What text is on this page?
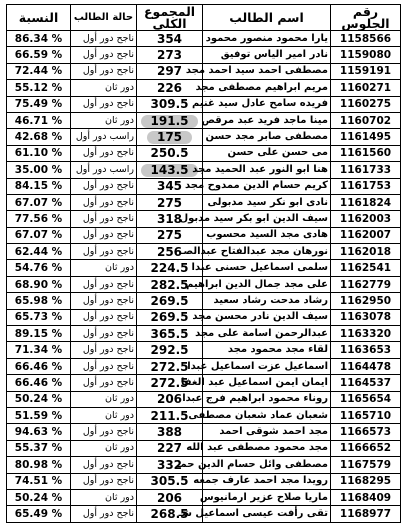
النسبة	حالة الطالب	المجموع الكلى	اسم الطالب	رقم الجلوس
86.34 %	ناجح دور أول	354	يارا محمود منصور محمود	1158566
66.59 %	ناجح دور أول	273	نادر امير الياس توفيق	1159080
72.44 %	ناجح دور أول	297	مصطفى احمد سيد احمد مجد	1159191
55.12 %	دور ثان	226	مريم ابراهيم مصطفى مجد	1160271
75.49 %	ناجح دور أول	309.5	فريده سامح عادل سيد غنيم	1160275
46.71 %	دور ثان	191.5	مينا ماجد فريد عبد مرقص	1160702
42.68 %	راسب دور أول	175	مصطفى صابر مجد حسن	1161495
61.10 %	ناجح دور أول	250.5	مى حسن على حسن	1161560
35.00 %	راسب دور أول	143.5	هنا ابو النور عبد الحميد مجد	1161733
84.15 %	ناجح دور أول	345	كريم حسام الدين ممدوح مجد	1161753
67.07 %	ناجح دور أول	275	نادى ابو نكر سيد مدبولى	1161824
77.56 %	ناجح دور أول	318	سيف الدين ابو بكر سيد مدبول	1162003
67.07 %	ناجح دور أول	275	هادى مجد السيد محسوب	1162007
62.44 %	ناجح دور أول	256	نورهان مجد عبدالفتاح عبدالصـ	1162018
54.76 %	دور ثان	224.5	سلمى اسماعيل حسنى عبدا	1162541
68.90 %	ناجح دور أول	282.5	على مجد جمال الدين ابراهيم	1162779
65.98 %	ناجح دور أول	269.5	رشاد مدحت رشاد سعيد	1162950
65.73 %	ناجح دور أول	269.5	سيف الدين نادر محسن مجد	1163078
89.15 %	ناجح دور أول	365.5	عبدالرحمن اسامة على مجد	1163320
71.34 %	ناجح دور أول	292.5	لقاء مجد محمود مجد	1163653
66.46 %	ناجح دور أول	272.5	اسماعيل عزت اسماعيل عبدا	1164478
66.46 %	ناجح دور أول	272.5	ايمان ايمن اسماعيل عبد الغفا	1164537
50.24 %	دور ثان	206	روناء محمود ابراهيم فرج عبدا	1165654
51.59 %	دور ثان	211.5	شعبان عماد شعبان مصطفى	1165710
94.63 %	ناجح دور أول	388	مجد احمد شوقى احمد	1166573
55.37 %	دور ثان	227	مجد محمود مصطفى عبد الله	1166652
80.98 %	ناجح دور أول	332	مصطفى وائل حسام الدين حمـ	1167579
74.51 %	ناجح دور أول	305.5	رويدا مجد احمد عارف جمعه	1168295
50.24 %	دور ثان	206	ماريا صلاح عزير ارمانيوس	1168409
65.49 %	ناجح دور أول	268.5	تقى رأفت عيسى اسماعيل شـ	1168977
